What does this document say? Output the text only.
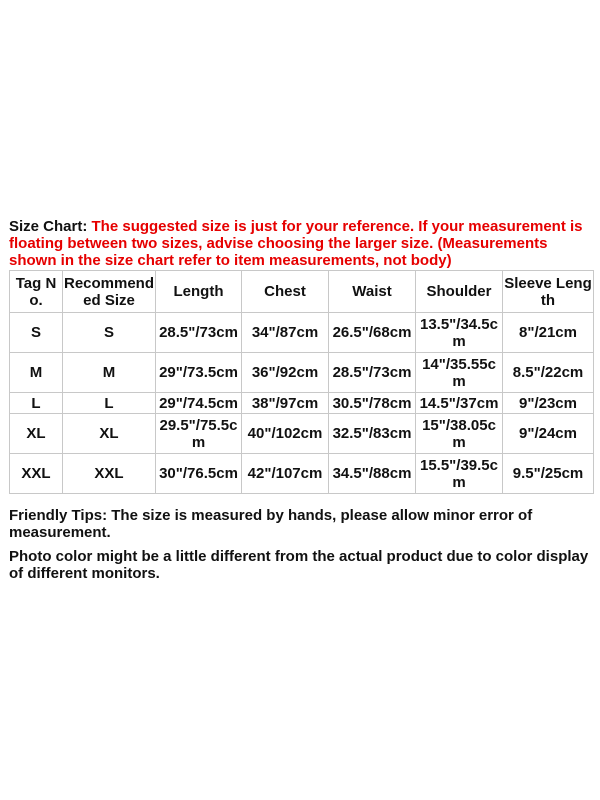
Size Chart: The suggested size is just for your reference. If your measurement is floating between two sizes, advise choosing the larger size. (Measurements shown in the size chart refer to item measurements, not body)
Tag No.	Recommended Size	Length	Chest	Waist	Shoulder	Sleeve Length
S	S	28.5"/73cm	34"/87cm	26.5"/68cm	13.5"/34.5cm	8"/21cm
M	M	29"/73.5cm	36"/92cm	28.5"/73cm	14"/35.55cm	8.5"/22cm
L	L	29"/74.5cm	38"/97cm	30.5"/78cm	14.5"/37cm	9"/23cm
XL	XL	29.5"/75.5cm	40"/102cm	32.5"/83cm	15"/38.05cm	9"/24cm
XXL	XXL	30"/76.5cm	42"/107cm	34.5"/88cm	15.5"/39.5cm	9.5"/25cm

Friendly Tips: The size is measured by hands, please allow minor error of measurement.

Photo color might be a little different from the actual product due to color display of different monitors.
